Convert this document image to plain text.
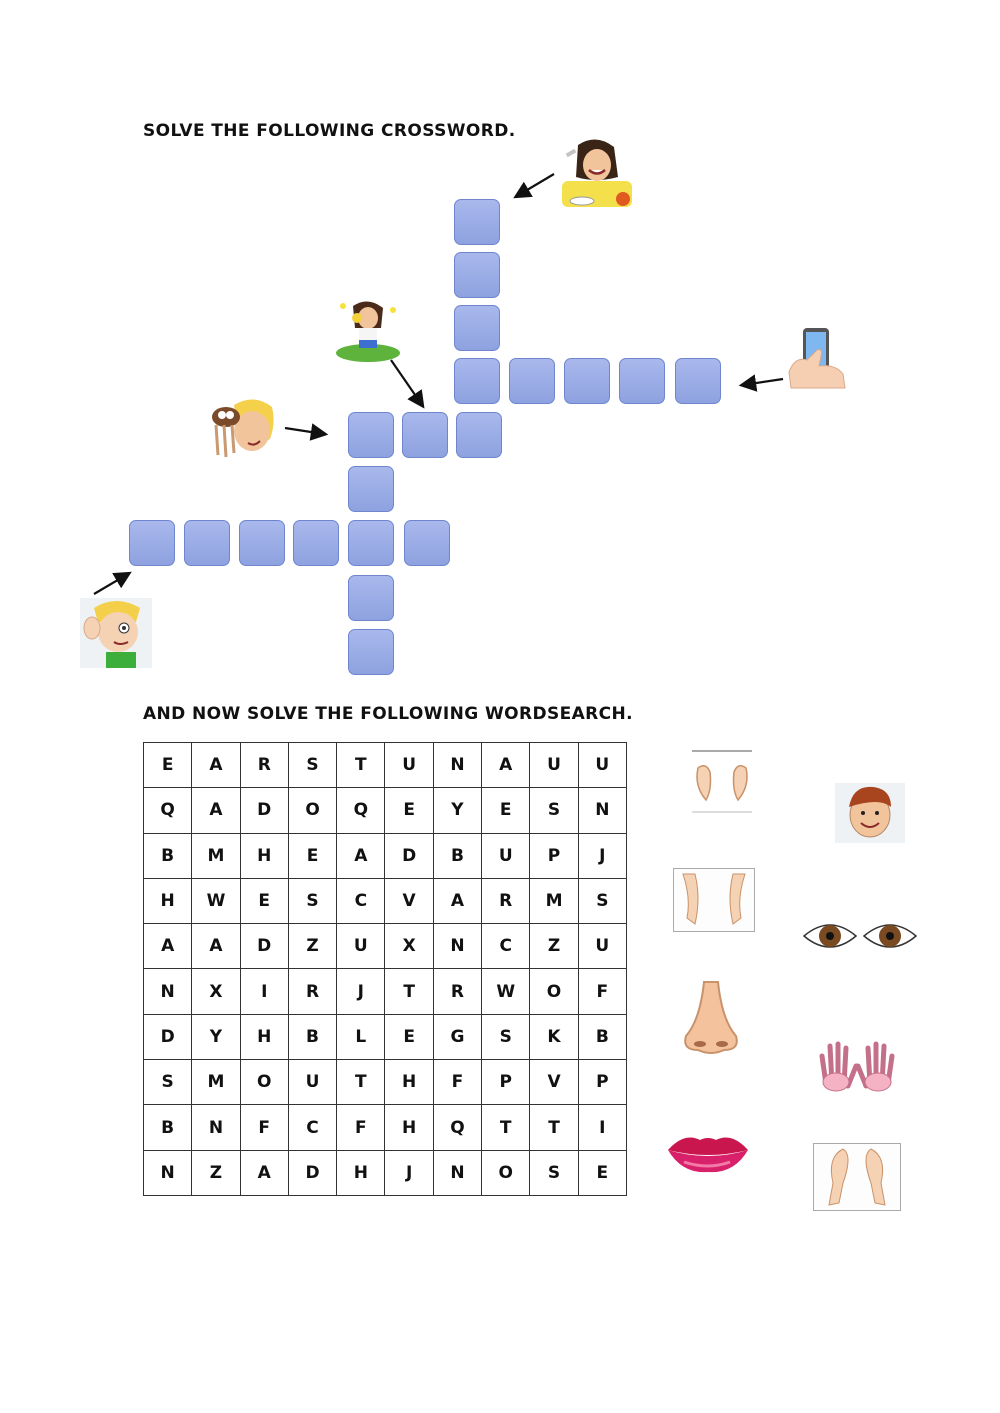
SOLVE THE FOLLOWING CROSSWORD.
AND NOW SOLVE THE FOLLOWING WORDSEARCH.
E	A	R	S	T	U	N	A	U	U
Q	A	D	O	Q	E	Y	E	S	N
B	M	H	E	A	D	B	U	P	J
H	W	E	S	C	V	A	R	M	S
A	A	D	Z	U	X	N	C	Z	U
N	X	I	R	J	T	R	W	O	F
D	Y	H	B	L	E	G	S	K	B
S	M	O	U	T	H	F	P	V	P
B	N	F	C	F	H	Q	T	T	I
N	Z	A	D	H	J	N	O	S	E
